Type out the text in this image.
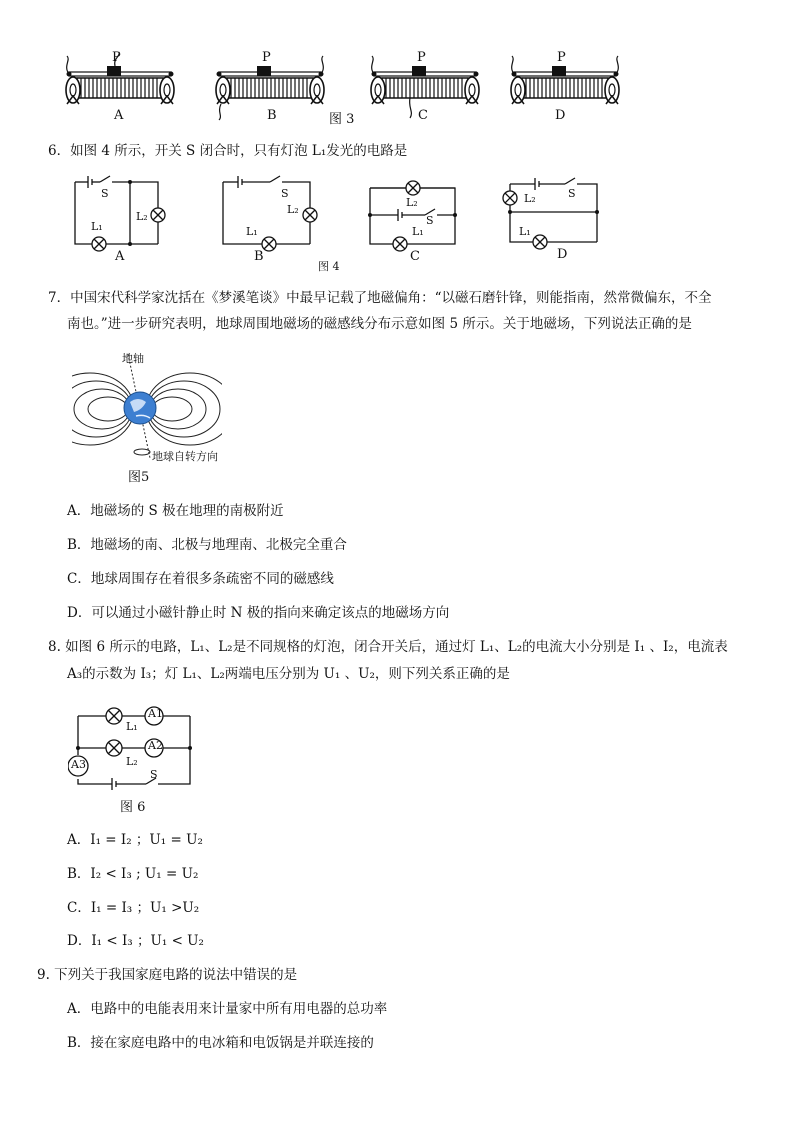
P	P	P	P
A	B	图 3	C	D
6．如图 4 所示，开关 S 闭合时，只有灯泡 L₁发光的电路是
S
L₁
L₂
S
L₂
L₁
L₂
S
L₁
S
L₂
L₁
A	B
图 4
C	D
7．中国宋代科学家沈括在《梦溪笔谈》中最早记载了地磁偏角：“以磁石磨针锋，则能指南，然常微偏东，不全
南也。”进一步研究表明，地球周围地磁场的磁感线分布示意如图 5 所示。关于地磁场，下列说法正确的是
地轴
地球自转方向
图5
A．地磁场的 S 极在地理的南极附近
B．地磁场的南、北极与地理南、北极完全重合
C．地球周围存在着很多条疏密不同的磁感线
D．可以通过小磁针静止时 N 极的指向来确定该点的地磁场方向
8. 如图 6 所示的电路，L₁、L₂是不同规格的灯泡，闭合开关后，通过灯 L₁、L₂的电流大小分别是 I₁ 、I₂，电流表
A₃的示数为 I₃；灯 L₁、L₂两端电压分别为 U₁ 、U₂，则下列关系正确的是
A1
A2
A3
L₁
L₂
S
图 6
A．I₁ = I₂ ；U₁ = U₂
B．I₂ < I₃ ; U₁ = U₂
C．I₁ = I₃ ；U₁ >U₂
D．I₁ < I₃ ；U₁ < U₂
9. 下列关于我国家庭电路的说法中错误的是
A．电路中的电能表用来计量家中所有用电器的总功率
B．接在家庭电路中的电冰箱和电饭锅是并联连接的
